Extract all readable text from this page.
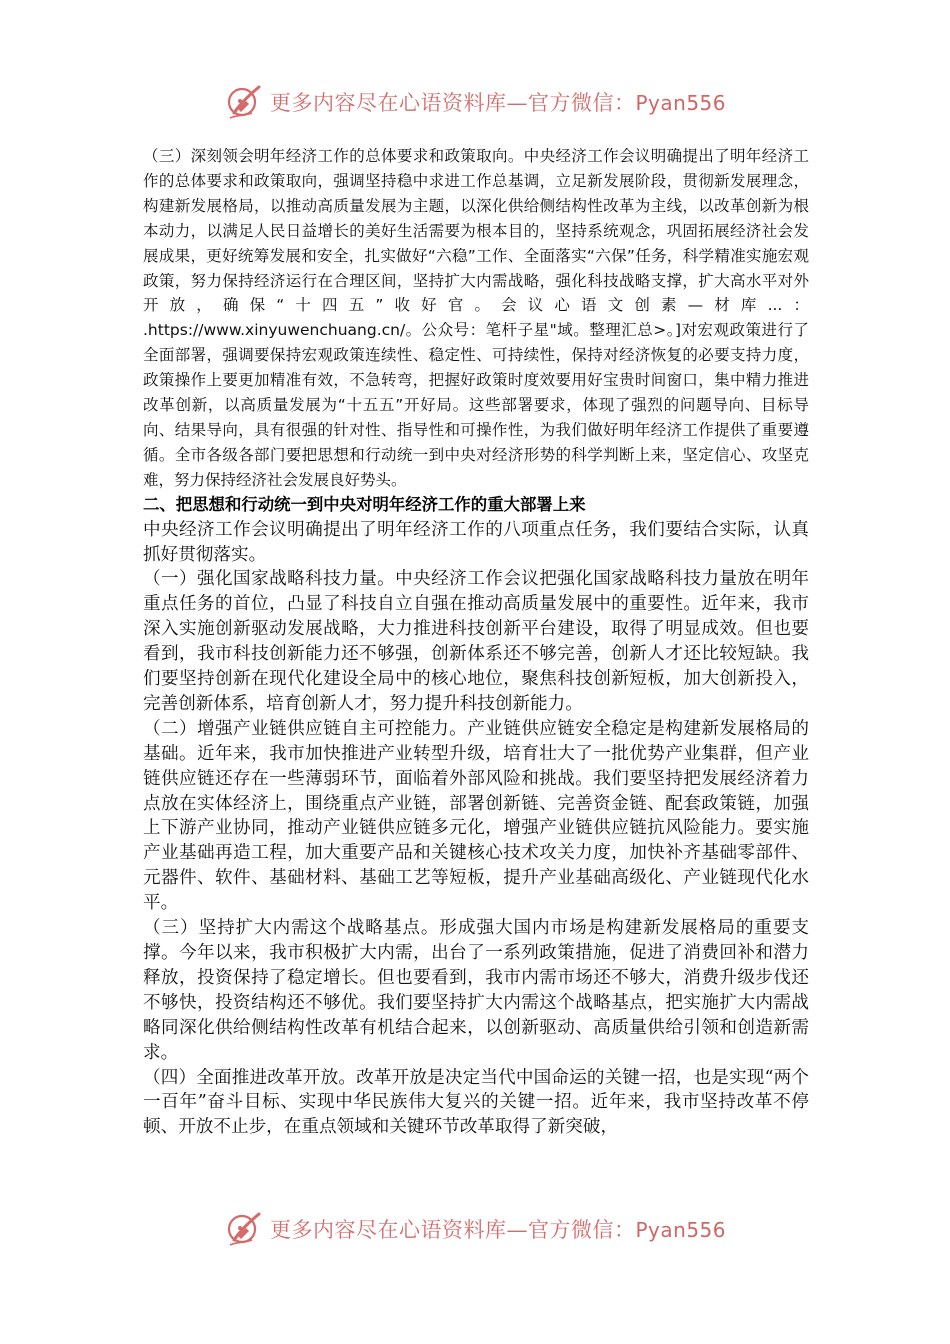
更多内容尽在心语资料库—官方微信：Pyan556

（三）深刻领会明年经济工作的总体要求和政策取向。中央经济工作会议明确提出了明年经济工作的总体要求和政策取向，强调坚持稳中求进工作总基调，立足新发展阶段，贯彻新发展理念，构建新发展格局，以推动高质量发展为主题，以深化供给侧结构性改革为主线，以改革创新为根本动力，以满足人民日益增长的美好生活需要为根本目的，坚持系统观念，巩固拓展经济社会发展成果，更好统筹发展和安全，扎实做好“六稳”工作、全面落实“六保”任务，科学精准实施宏观政策，努力保持经济运行在合理区间，坚持扩大内需战略，强化科技战略支撑，扩大高水平对外开放，确保“十四五”收好官。会议心语文创素—材库...： .https://www.xinyuwenchuang.cn/。公众号：笔杆子星"域。整理汇总>。]对宏观政策进行了全面部署，强调要保持宏观政策连续性、稳定性、可持续性，保持对经济恢复的必要支持力度，政策操作上要更加精准有效，不急转弯，把握好政策时度效要用好宝贵时间窗口，集中精力推进改革创新，以高质量发展为“十五五”开好局。这些部署要求，体现了强烈的问题导向、目标导向、结果导向，具有很强的针对性、指导性和可操作性，为我们做好明年经济工作提供了重要遵循。全市各级各部门要把思想和行动统一到中央对经济形势的科学判断上来，坚定信心、攻坚克难，努力保持经济社会发展良好势头。

二、把思想和行动统一到中央对明年经济工作的重大部署上来

中央经济工作会议明确提出了明年经济工作的八项重点任务，我们要结合实际，认真抓好贯彻落实。

（一）强化国家战略科技力量。中央经济工作会议把强化国家战略科技力量放在明年重点任务的首位，凸显了科技自立自强在推动高质量发展中的重要性。近年来，我市深入实施创新驱动发展战略，大力推进科技创新平台建设，取得了明显成效。但也要看到，我市科技创新能力还不够强，创新体系还不够完善，创新人才还比较短缺。我们要坚持创新在现代化建设全局中的核心地位，聚焦科技创新短板，加大创新投入，完善创新体系，培育创新人才，努力提升科技创新能力。

（二）增强产业链供应链自主可控能力。产业链供应链安全稳定是构建新发展格局的基础。近年来，我市加快推进产业转型升级，培育壮大了一批优势产业集群，但产业链供应链还存在一些薄弱环节，面临着外部风险和挑战。我们要坚持把发展经济着力点放在实体经济上，围绕重点产业链，部署创新链、完善资金链、配套政策链，加强上下游产业协同，推动产业链供应链多元化，增强产业链供应链抗风险能力。要实施产业基础再造工程，加大重要产品和关键核心技术攻关力度，加快补齐基础零部件、元器件、软件、基础材料、基础工艺等短板，提升产业基础高级化、产业链现代化水平。

（三）坚持扩大内需这个战略基点。形成强大国内市场是构建新发展格局的重要支撑。今年以来，我市积极扩大内需，出台了一系列政策措施，促进了消费回补和潜力释放，投资保持了稳定增长。但也要看到，我市内需市场还不够大，消费升级步伐还不够快，投资结构还不够优。我们要坚持扩大内需这个战略基点，把实施扩大内需战略同深化供给侧结构性改革有机结合起来，以创新驱动、高质量供给引领和创造新需求。

（四）全面推进改革开放。改革开放是决定当代中国命运的关键一招，也是实现“两个一百年”奋斗目标、实现中华民族伟大复兴的关键一招。近年来，我市坚持改革不停顿、开放不止步，在重点领域和关键环节改革取得了新突破，

更多内容尽在心语资料库—官方微信：Pyan556
